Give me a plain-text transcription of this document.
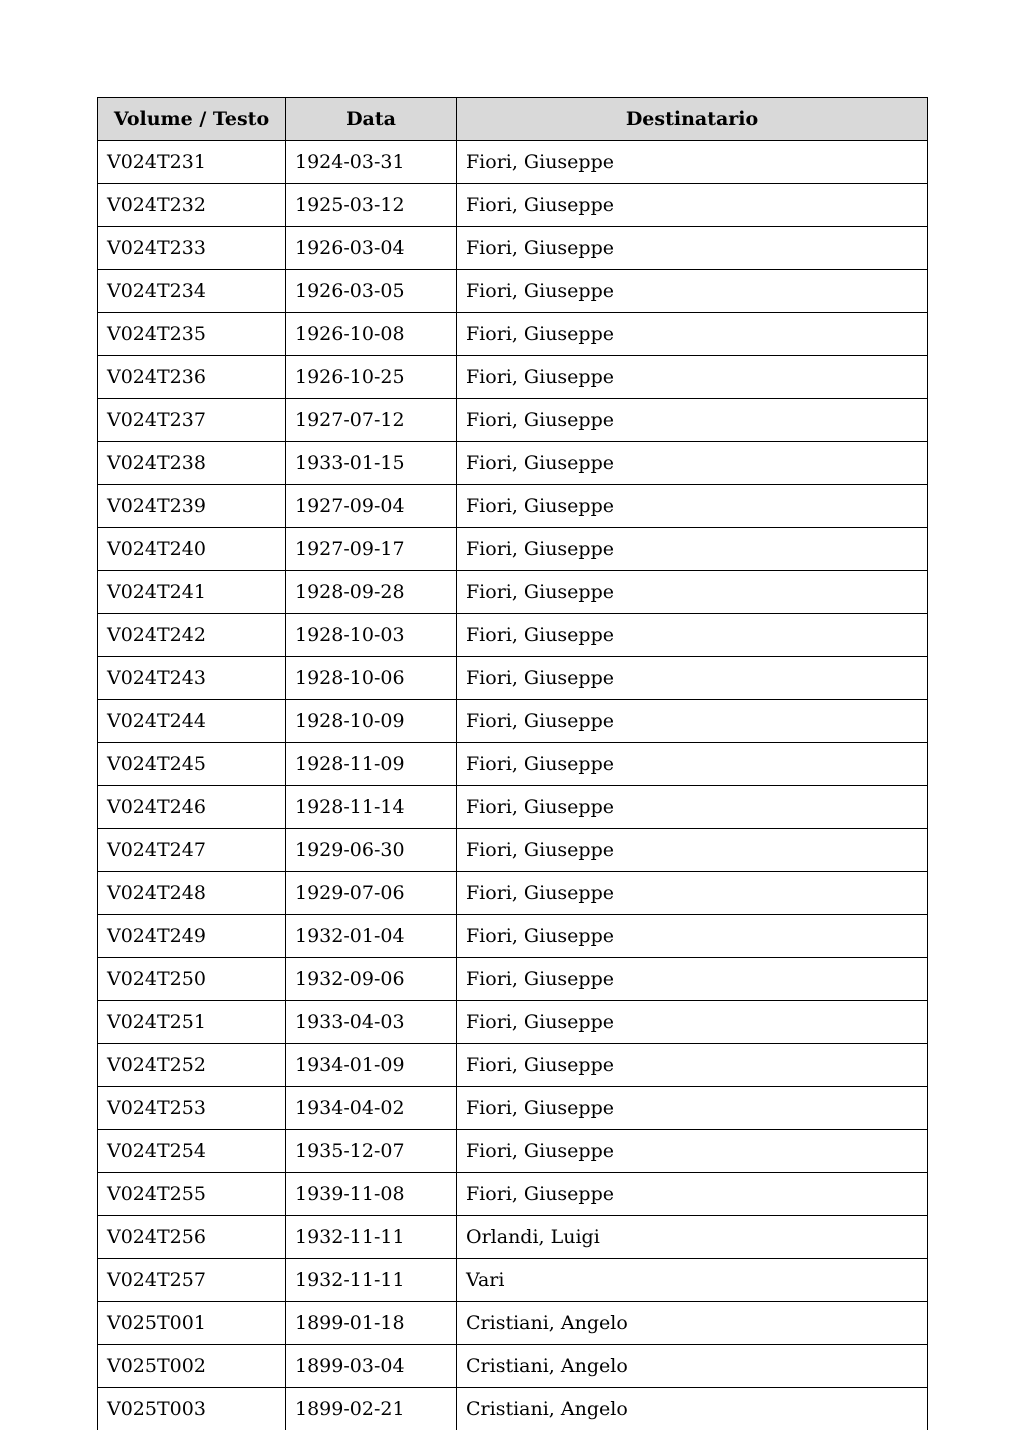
Volume / Testo	Data	Destinatario
V024T231	1924-03-31	Fiori, Giuseppe
V024T232	1925-03-12	Fiori, Giuseppe
V024T233	1926-03-04	Fiori, Giuseppe
V024T234	1926-03-05	Fiori, Giuseppe
V024T235	1926-10-08	Fiori, Giuseppe
V024T236	1926-10-25	Fiori, Giuseppe
V024T237	1927-07-12	Fiori, Giuseppe
V024T238	1933-01-15	Fiori, Giuseppe
V024T239	1927-09-04	Fiori, Giuseppe
V024T240	1927-09-17	Fiori, Giuseppe
V024T241	1928-09-28	Fiori, Giuseppe
V024T242	1928-10-03	Fiori, Giuseppe
V024T243	1928-10-06	Fiori, Giuseppe
V024T244	1928-10-09	Fiori, Giuseppe
V024T245	1928-11-09	Fiori, Giuseppe
V024T246	1928-11-14	Fiori, Giuseppe
V024T247	1929-06-30	Fiori, Giuseppe
V024T248	1929-07-06	Fiori, Giuseppe
V024T249	1932-01-04	Fiori, Giuseppe
V024T250	1932-09-06	Fiori, Giuseppe
V024T251	1933-04-03	Fiori, Giuseppe
V024T252	1934-01-09	Fiori, Giuseppe
V024T253	1934-04-02	Fiori, Giuseppe
V024T254	1935-12-07	Fiori, Giuseppe
V024T255	1939-11-08	Fiori, Giuseppe
V024T256	1932-11-11	Orlandi, Luigi
V024T257	1932-11-11	Vari
V025T001	1899-01-18	Cristiani, Angelo
V025T002	1899-03-04	Cristiani, Angelo
V025T003	1899-02-21	Cristiani, Angelo
